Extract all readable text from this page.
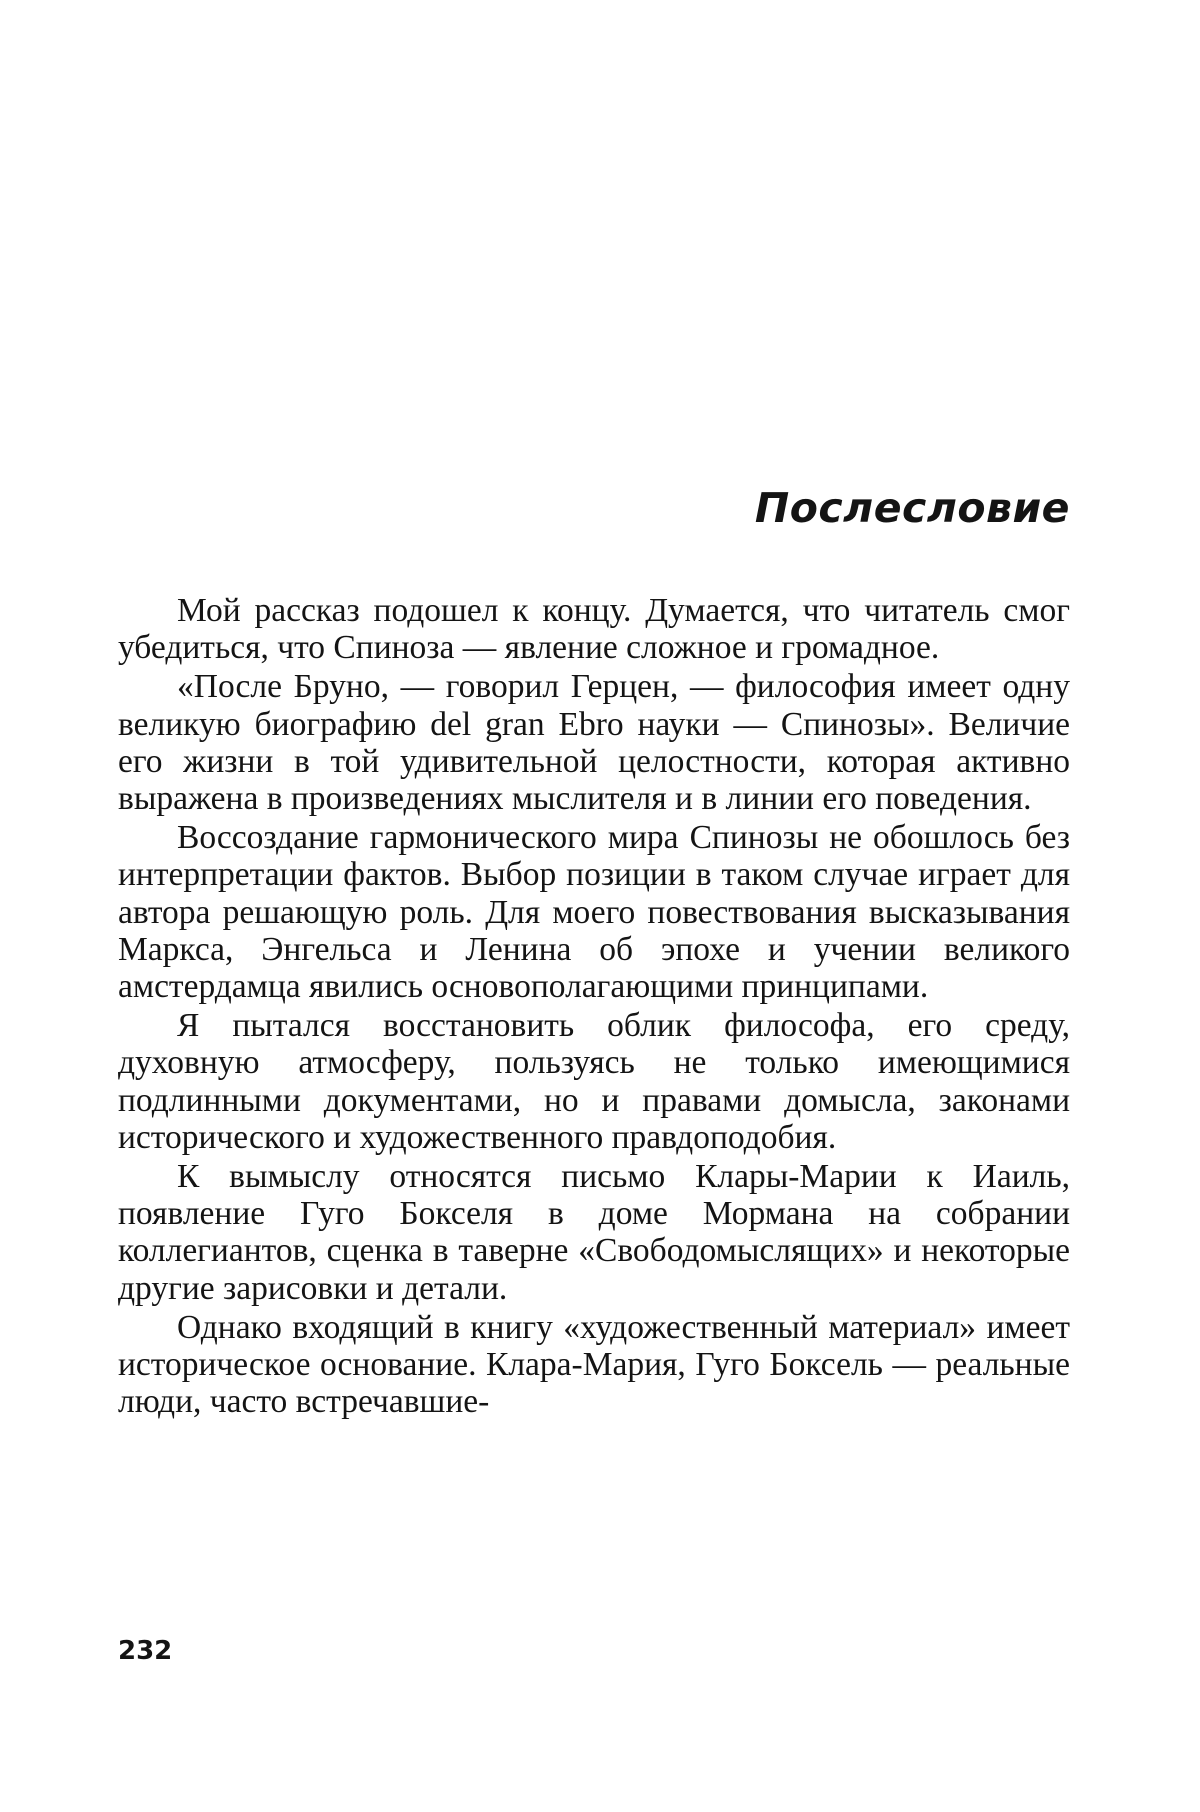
Послесловие

Мой рассказ подошел к концу. Думается, что читатель смог убедиться, что Спиноза — явление сложное и громадное.

«После Бруно, — говорил Герцен, — философия имеет одну великую биографию del gran Ebro науки — Спинозы». Величие его жизни в той удивительной целостности, которая активно выражена в произведениях мыслителя и в линии его поведения.

Воссоздание гармонического мира Спинозы не обошлось без интерпретации фактов. Выбор позиции в таком случае играет для автора решающую роль. Для моего повествования высказывания Маркса, Энгельса и Ленина об эпохе и учении великого амстердамца явились основополагающими принципами.

Я пытался восстановить облик философа, его среду, духовную атмосферу, пользуясь не только имеющимися подлинными документами, но и правами домысла, законами исторического и художественного правдоподобия.

К вымыслу относятся письмо Клары-Марии к Иаиль, появление Гуго Бокселя в доме Мормана на собрании коллегиантов, сценка в таверне «Свободомыслящих» и некоторые другие зарисовки и детали.

Однако входящий в книгу «художественный материал» имеет историческое основание. Клара-Мария, Гуго Боксель — реальные люди, часто встречавшие-

232
